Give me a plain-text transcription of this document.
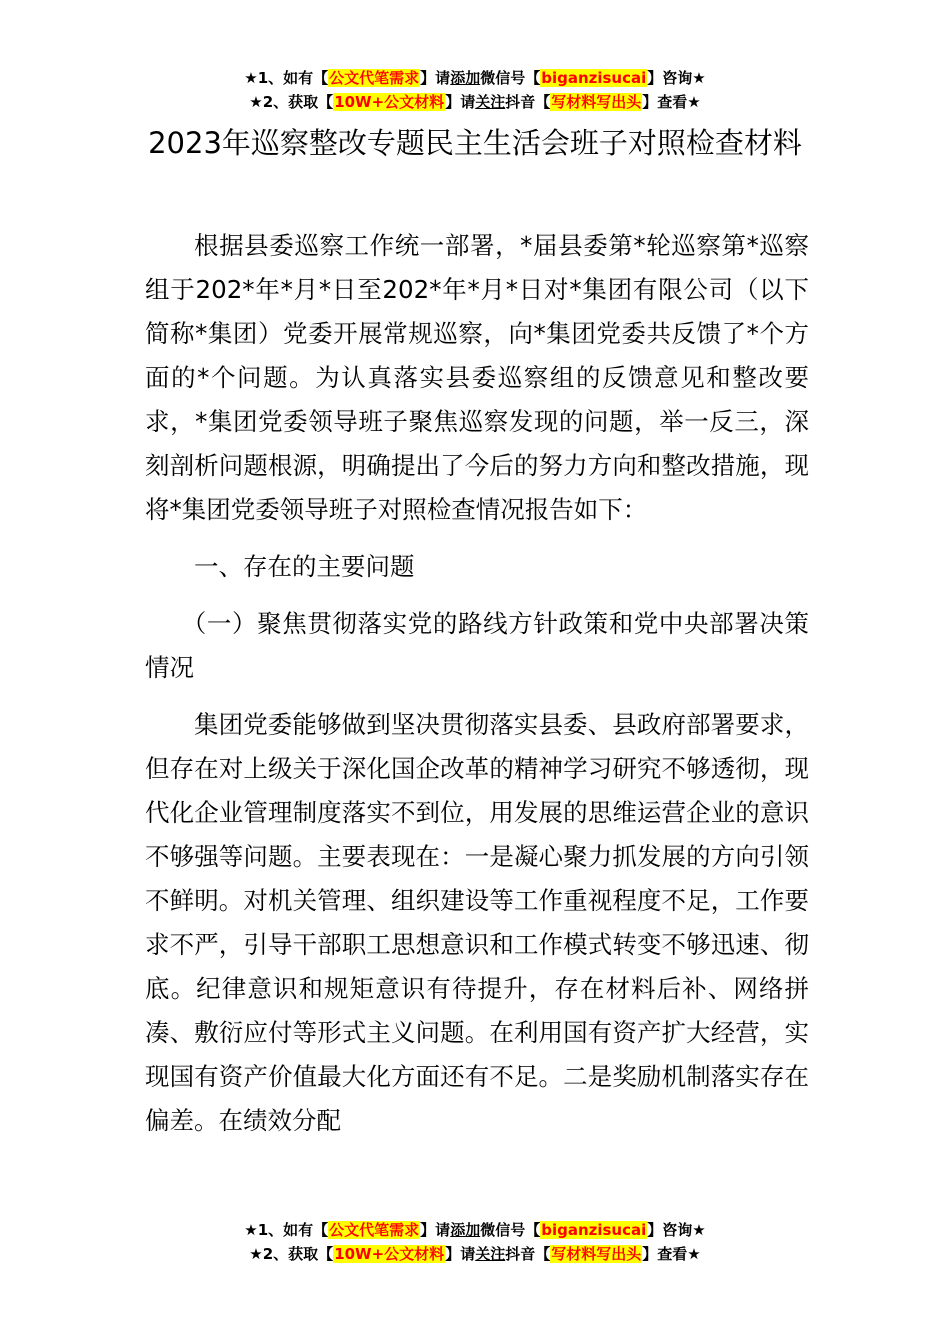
★1、如有【公文代笔需求】请添加微信号【biganzisucai】咨询★
★2、获取【10W+公文材料】请关注抖音【写材料写出头】查看★
2023年巡察整改专题民主生活会班子对照检查材料

根据县委巡察工作统一部署，*届县委第*轮巡察第*巡察组于202*年*月*日至202*年*月*日对*集团有限公司（以下简称*集团）党委开展常规巡察，向*集团党委共反馈了*个方面的*个问题。为认真落实县委巡察组的反馈意见和整改要求，*集团党委领导班子聚焦巡察发现的问题，举一反三，深刻剖析问题根源，明确提出了今后的努力方向和整改措施，现将*集团党委领导班子对照检查情况报告如下：

一、存在的主要问题

（一）聚焦贯彻落实党的路线方针政策和党中央部署决策情况

集团党委能够做到坚决贯彻落实县委、县政府部署要求，但存在对上级关于深化国企改革的精神学习研究不够透彻，现代化企业管理制度落实不到位，用发展的思维运营企业的意识不够强等问题。主要表现在：一是凝心聚力抓发展的方向引领不鲜明。对机关管理、组织建设等工作重视程度不足，工作要求不严，引导干部职工思想意识和工作模式转变不够迅速、彻底。纪律意识和规矩意识有待提升，存在材料后补、网络拼凑、敷衍应付等形式主义问题。在利用国有资产扩大经营，实现国有资产价值最大化方面还有不足。二是奖励机制落实存在偏差。在绩效分配

★1、如有【公文代笔需求】请添加微信号【biganzisucai】咨询★
★2、获取【10W+公文材料】请关注抖音【写材料写出头】查看★
